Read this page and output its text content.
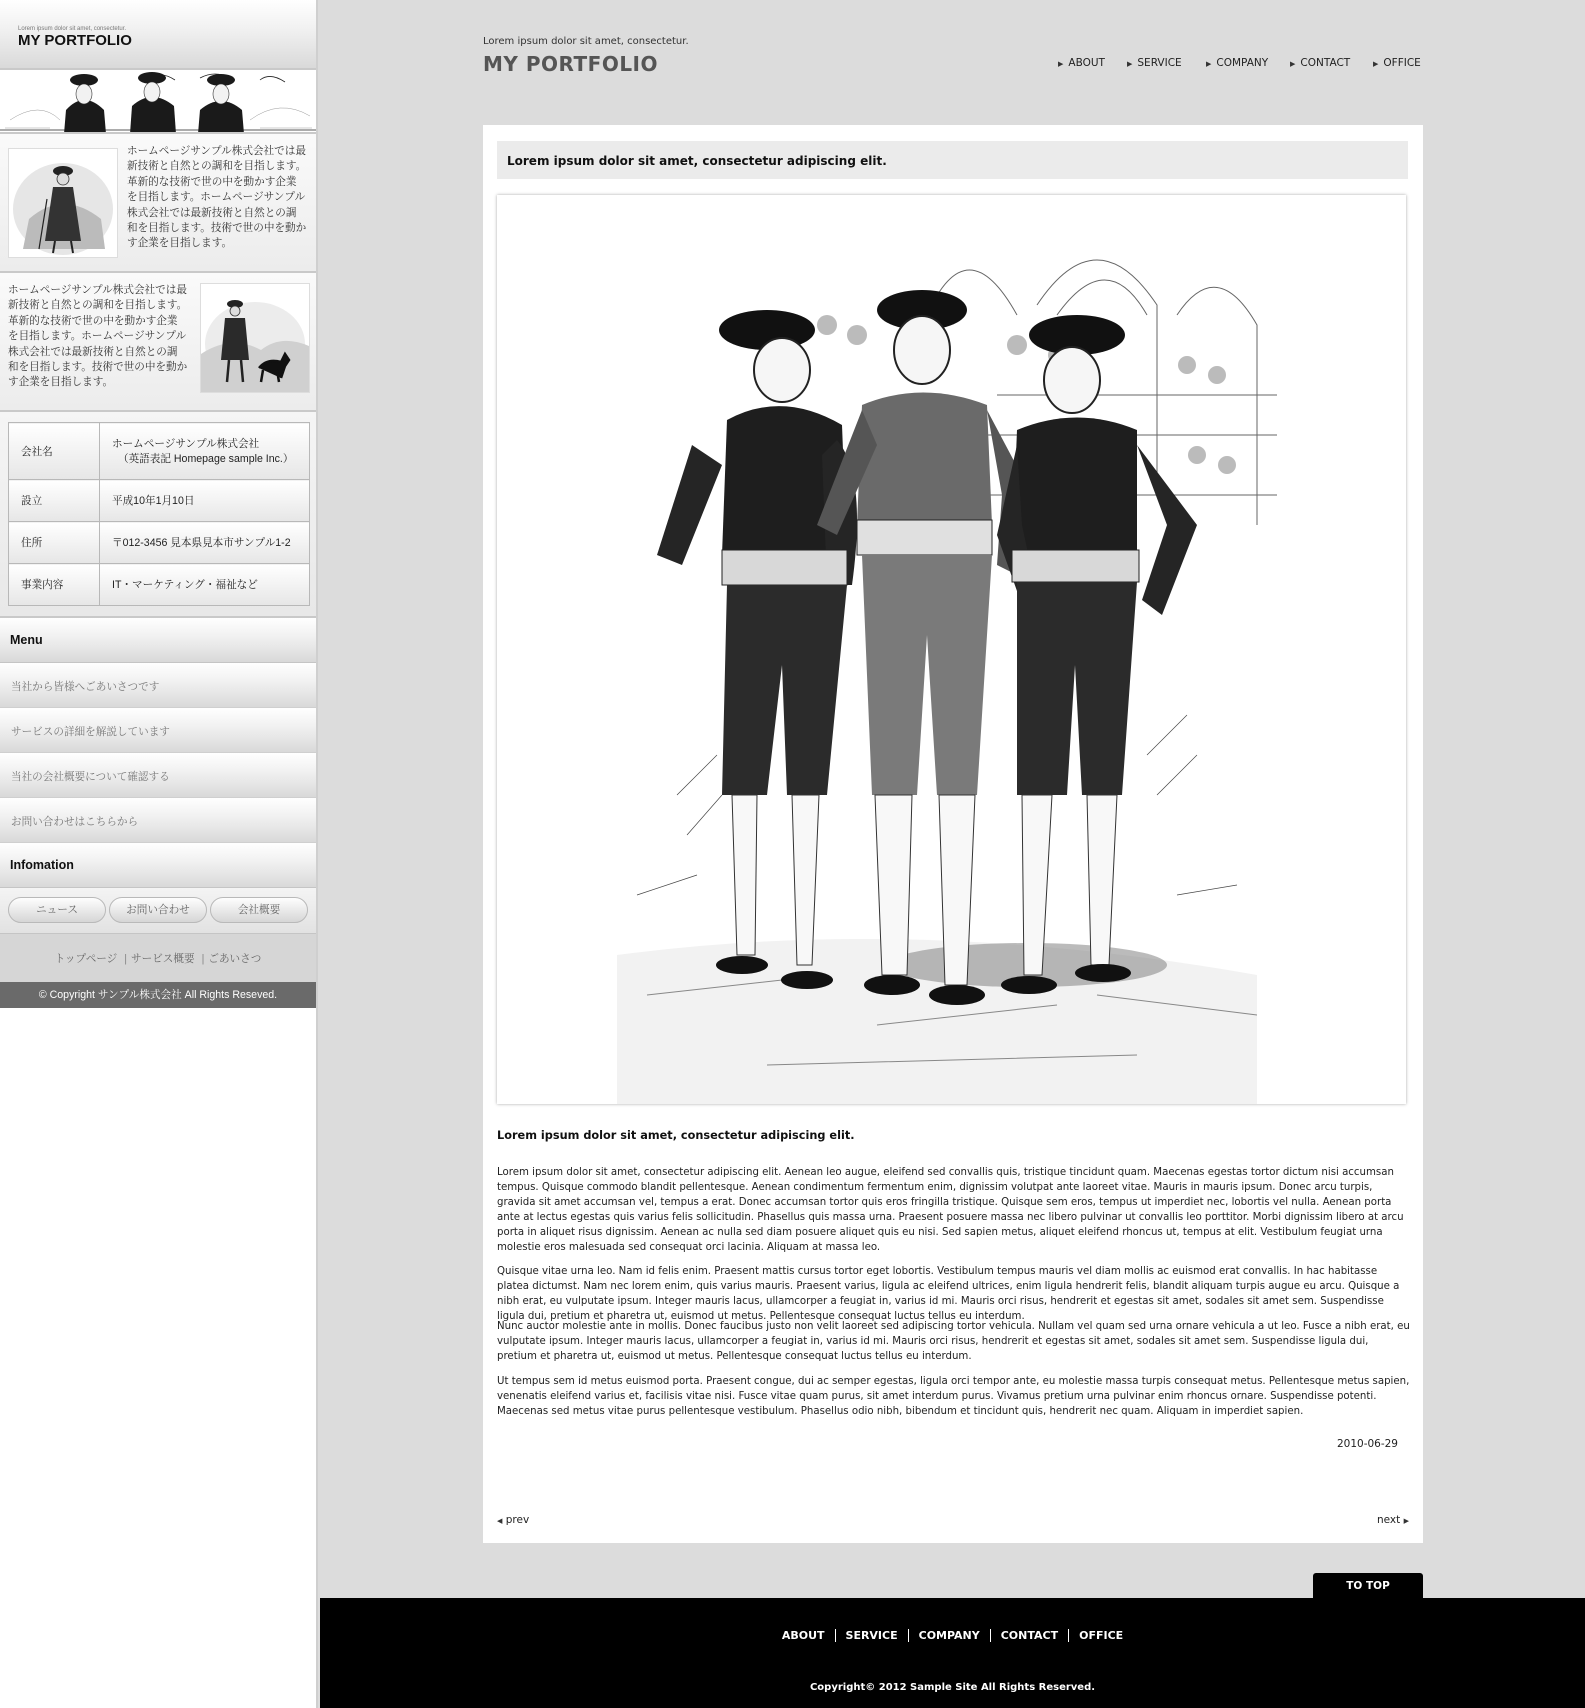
Lorem ipsum dolor sit amet, consectetur.
MY PORTFOLIO

ホームページサンプル株式会社では最新技術と自然との調和を目指します。革新的な技術で世の中を動かす企業を目指します。ホームページサンプル株式会社では最新技術と自然との調和を目指します。技術で世の中を動かす企業を目指します。

ホームページサンプル株式会社では最新技術と自然との調和を目指します。革新的な技術で世の中を動かす企業を目指します。ホームページサンプル株式会社では最新技術と自然との調和を目指します。技術で世の中を動かす企業を目指します。

会社名	ホームページサンプル株式会社
（英語表記 Homepage sample Inc.）

設立	平成10年1月10日
住所	〒012-3456 見本県見本市サンプル1-2
事業内容	IT・マーケティング・福祉など
Menu
当社から皆様へごあいさつです
サービスの詳細を解説しています
当社の会社概要について確認する
お問い合わせはこちらから
Infomation
ニュース	お問い合わせ	会社概要
トップページ | サービス概要 | ごあいさつ
© Copyright サンプル株式会社 All Rights Reseved.
Lorem ipsum dolor sit amet, consectetur.
MY PORTFOLIO	▶ ABOUT	▶ SERVICE	▶ COMPANY	▶ CONTACT	▶ OFFICE
Lorem ipsum dolor sit amet, consectetur adipiscing elit.
Lorem ipsum dolor sit amet, consectetur adipiscing elit.

Lorem ipsum dolor sit amet, consectetur adipiscing elit. Aenean leo augue, eleifend sed convallis quis, tristique tincidunt quam. Maecenas egestas tortor dictum nisi accumsan tempus. Quisque commodo blandit pellentesque. Aenean condimentum fermentum enim, dignissim volutpat ante laoreet vitae. Mauris in mauris ipsum. Donec arcu turpis, gravida sit amet accumsan vel, tempus a erat. Donec accumsan tortor quis eros fringilla tristique. Quisque sem eros, tempus ut imperdiet nec, lobortis vel nulla. Aenean porta ante at lectus egestas quis varius felis sollicitudin. Phasellus quis massa urna. Praesent posuere massa nec libero pulvinar ut convallis leo porttitor. Morbi dignissim libero at arcu porta in aliquet risus dignissim. Aenean ac nulla sed diam posuere aliquet quis eu nisi. Sed sapien metus, aliquet eleifend rhoncus ut, tempus at elit. Vestibulum feugiat urna molestie eros malesuada sed consequat orci lacinia. Aliquam at massa leo.

Quisque vitae urna leo. Nam id felis enim. Praesent mattis cursus tortor eget lobortis. Vestibulum tempus mauris vel diam mollis ac euismod erat convallis. In hac habitasse platea dictumst. Nam nec lorem enim, quis varius mauris. Praesent varius, ligula ac eleifend ultrices, enim ligula hendrerit felis, blandit aliquam turpis augue eu arcu. Quisque a nibh erat, eu vulputate ipsum. Integer mauris lacus, ullamcorper a feugiat in, varius id mi. Mauris orci risus, hendrerit et egestas sit amet, sodales sit amet sem. Suspendisse ligula dui, pretium et pharetra ut, euismod ut metus. Pellentesque consequat luctus tellus eu interdum.

Nunc auctor molestie ante in mollis. Donec faucibus justo non velit laoreet sed adipiscing tortor vehicula. Nullam vel quam sed urna ornare vehicula a ut leo. Fusce a nibh erat, eu vulputate ipsum. Integer mauris lacus, ullamcorper a feugiat in, varius id mi. Mauris orci risus, hendrerit et egestas sit amet, sodales sit amet sem. Suspendisse ligula dui, pretium et pharetra ut, euismod ut metus. Pellentesque consequat luctus tellus eu interdum.

Ut tempus sem id metus euismod porta. Praesent congue, dui ac semper egestas, ligula orci tempor ante, eu molestie massa turpis consequat metus. Pellentesque metus sapien, venenatis eleifend varius et, facilisis vitae nisi. Fusce vitae quam purus, sit amet interdum purus. Vivamus pretium urna pulvinar enim rhoncus ornare. Suspendisse potenti. Maecenas sed metus vitae purus pellentesque vestibulum. Phasellus odio nibh, bibendum et tincidunt quis, hendrerit nec quam. Aliquam in imperdiet sapien.

2010-06-29
◀ prev	next ▶
TO TOP
ABOUT SERVICE COMPANY CONTACT OFFICE
Copyright© 2012 Sample Site All Rights Reserved.
